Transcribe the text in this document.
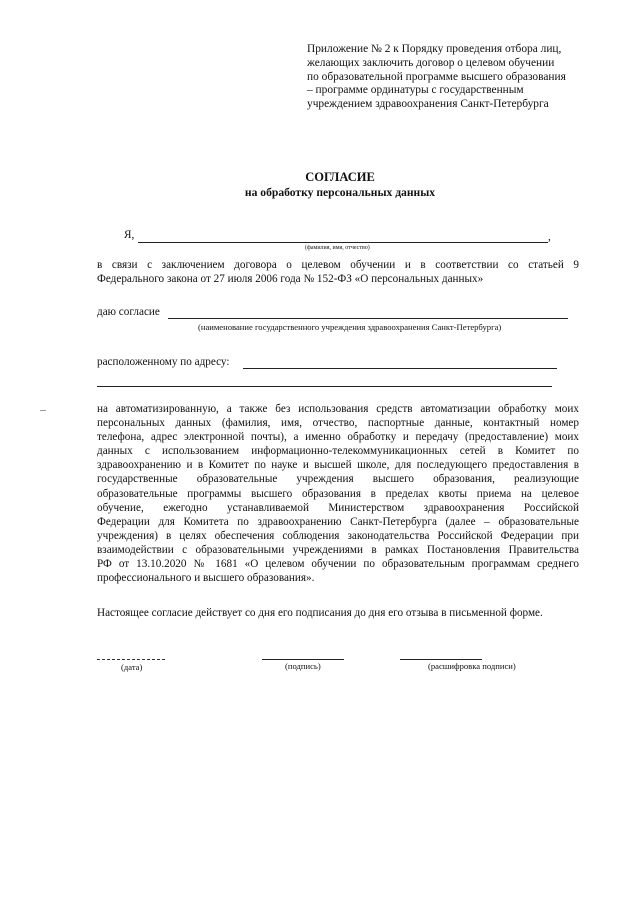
Приложение № 2 к Порядку проведения отбора лиц,
желающих заключить договор о целевом обучении
по образовательной программе высшего образования
– программе ординатуры с государственным
учреждением здравоохранения Санкт-Петербурга
СОГЛАСИЕ
на обработку персональных данных
Я,	,
(фамилия, имя, отчество)
в связи с заключением договора о целевом обучении и в соответствии со статьей 9
Федерального закона от 27 июля 2006 года № 152-ФЗ «О персональных данных»
даю согласие
(наименование государственного учреждения здравоохранения Санкт-Петербурга)
расположенному по адресу:
на автоматизированную, а также без использования средств автоматизации обработку моих
персональных данных (фамилия, имя, отчество, паспортные данные, контактный номер
телефона, адрес электронной почты), а именно обработку и передачу (предоставление) моих
данных с использованием информационно-телекоммуникационных сетей в Комитет по
здравоохранению и в Комитет по науке и высшей школе, для последующего предоставления в
государственные образовательные учреждения высшего образования, реализующие
образовательные программы высшего образования в пределах квоты приема на целевое
обучение, ежегодно устанавливаемой Министерством здравоохранения Российской
Федерации для Комитета по здравоохранению Санкт-Петербурга (далее – образовательные
учреждения) в целях обеспечения соблюдения законодательства Российской Федерации при
взаимодействии с образовательными учреждениями в рамках Постановления Правительства
РФ от 13.10.2020 № 1681 «О целевом обучении по образовательным программам среднего
профессионального и высшего образования».
Настоящее согласие действует со дня его подписания до дня его отзыва в письменной форме.
(дата)	(подпись)	(расшифровка подписи)
